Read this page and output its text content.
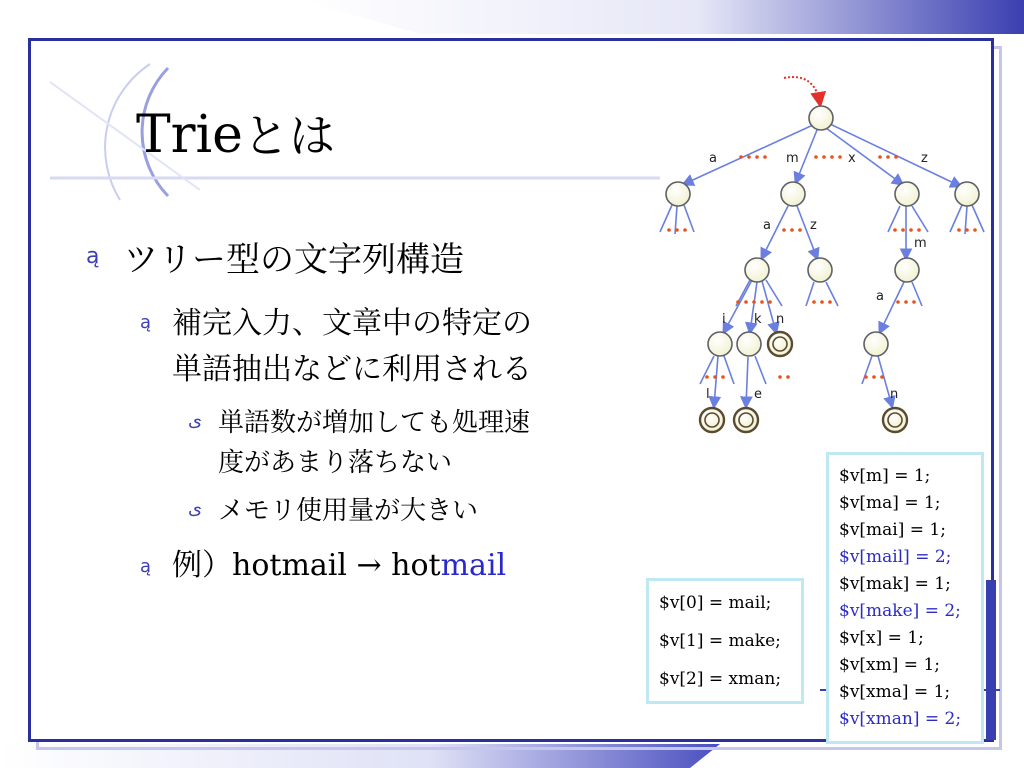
Trieとは
ą ツリー型の文字列構造
ą 補完入力、文章中の特定の
単語抽出などに利用される
ى 単語数が増加しても処理速
度があまり落ちない
ى メモリ使用量が大きい
ą 例）hotmail → hotmail
a	m	x	z
a	z
m
a
i k n
l	e	n
$v[0] = mail;
$v[1] = make;
$v[2] = xman;
$v[m] = 1;
$v[ma] = 1;
$v[mai] = 1;
$v[mail] = 2;
$v[mak] = 1;
$v[make] = 2;
$v[x] = 1;
$v[xm] = 1;
$v[xma] = 1;
$v[xman] = 2;
